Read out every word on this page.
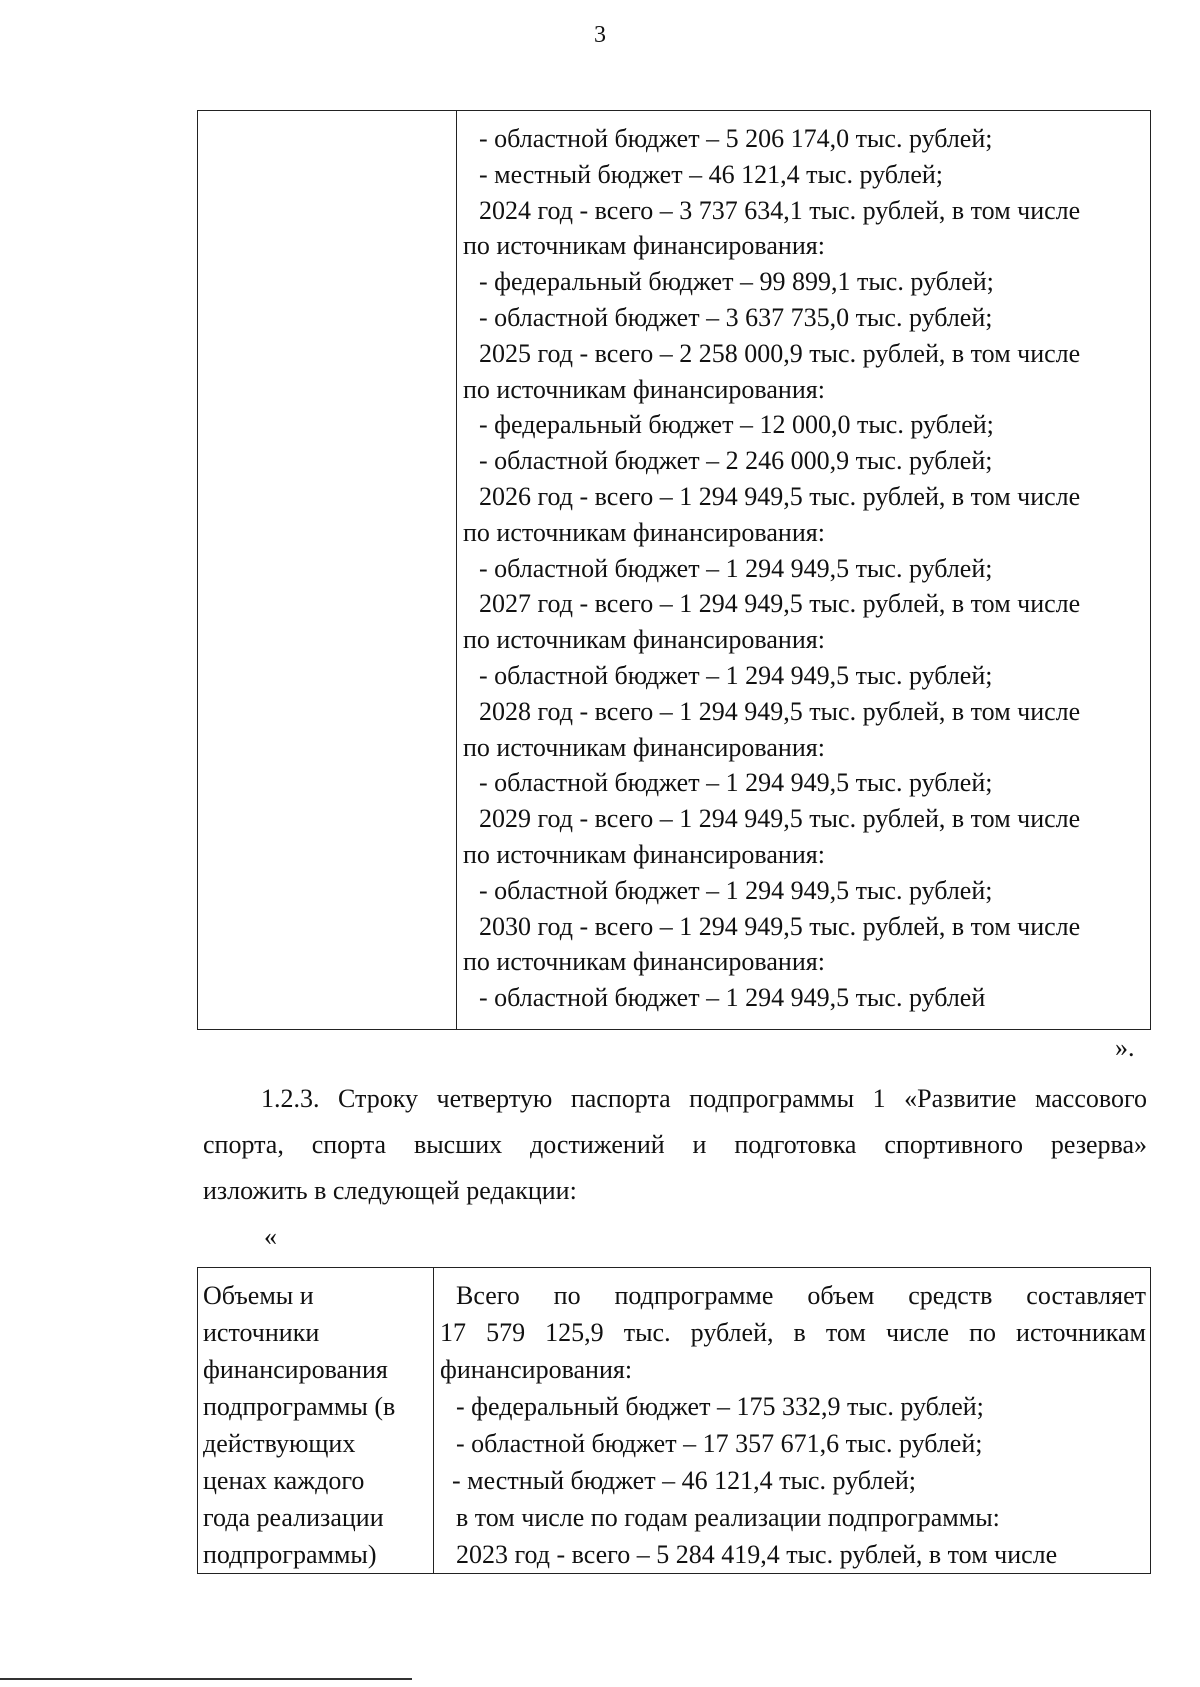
3

- областной бюджет – 5 206 174,0 тыс. рублей;
- местный бюджет – 46 121,4 тыс. рублей;
2024 год - всего – 3 737 634,1 тыс. рублей, в том числе
по источникам финансирования:
- федеральный бюджет – 99 899,1 тыс. рублей;
- областной бюджет – 3 637 735,0 тыс. рублей;
2025 год - всего – 2 258 000,9 тыс. рублей, в том числе
по источникам финансирования:
- федеральный бюджет – 12 000,0 тыс. рублей;
- областной бюджет – 2 246 000,9 тыс. рублей;
2026 год - всего – 1 294 949,5 тыс. рублей, в том числе
по источникам финансирования:
- областной бюджет – 1 294 949,5 тыс. рублей;
2027 год - всего – 1 294 949,5 тыс. рублей, в том числе
по источникам финансирования:
- областной бюджет – 1 294 949,5 тыс. рублей;
2028 год - всего – 1 294 949,5 тыс. рублей, в том числе
по источникам финансирования:
- областной бюджет – 1 294 949,5 тыс. рублей;
2029 год - всего – 1 294 949,5 тыс. рублей, в том числе
по источникам финансирования:
- областной бюджет – 1 294 949,5 тыс. рублей;
2030 год - всего – 1 294 949,5 тыс. рублей, в том числе
по источникам финансирования:
- областной бюджет – 1 294 949,5 тыс. рублей
».
1.2.3. Строку четвертую паспорта подпрограммы 1 «Развитие массового
спорта, спорта высших достижений и подготовка спортивного резерва»
изложить в следующей редакции:
«
Объемы и
источники
финансирования
подпрограммы (в
действующих
ценах каждого
года реализации
подпрограммы)

Всего по подпрограмме объем средств составляет
17 579 125,9 тыс. рублей, в том числе по источникам
финансирования:
- федеральный бюджет – 175 332,9 тыс. рублей;
- областной бюджет – 17 357 671,6 тыс. рублей;
- местный бюджет – 46 121,4 тыс. рублей;
в том числе по годам реализации подпрограммы:
2023 год - всего – 5 284 419,4 тыс. рублей, в том числе
